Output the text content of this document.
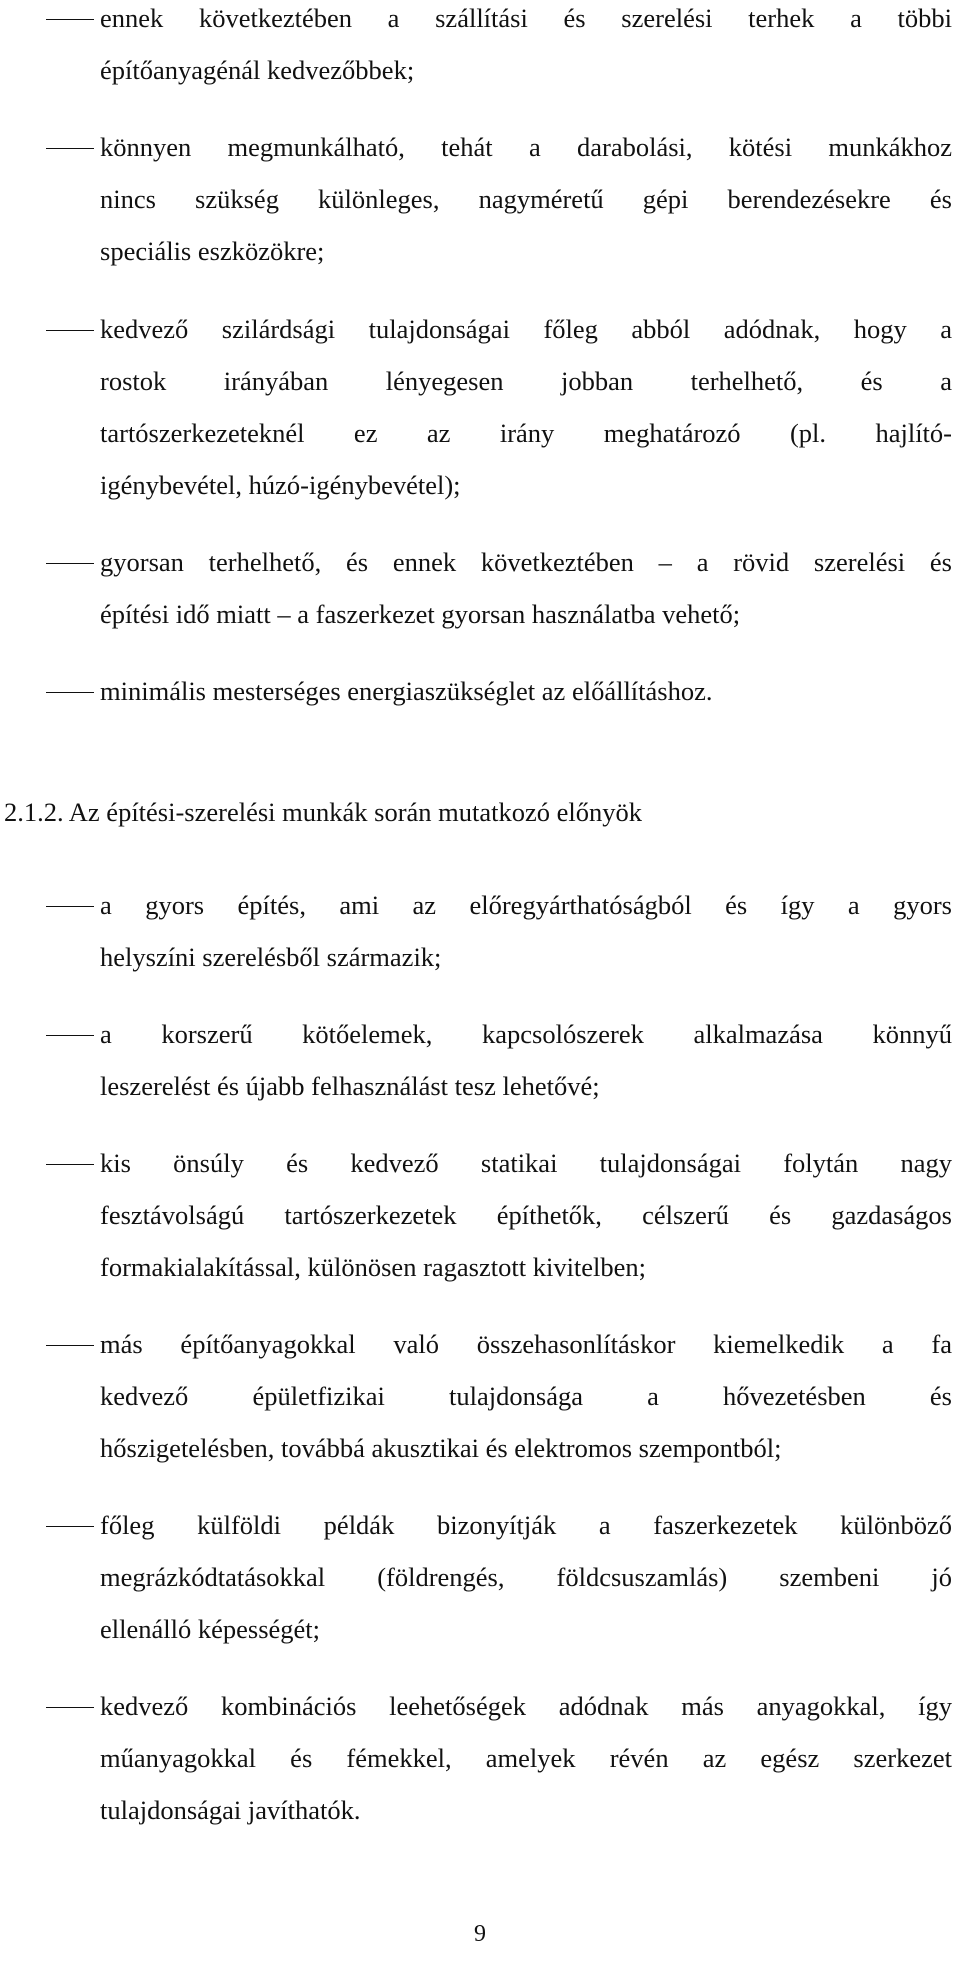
ennek következtében a szállítási és szerelési terhek a többi
építőanyagénál kedvezőbbek;
könnyen megmunkálható, tehát a darabolási, kötési munkákhoz
nincs szükség különleges, nagyméretű gépi berendezésekre és
speciális eszközökre;
kedvező szilárdsági tulajdonságai főleg abból adódnak, hogy a
rostok irányában lényegesen jobban terhelhető, és a
tartószerkezeteknél ez az irány meghatározó (pl. hajlító-
igénybevétel, húzó-igénybevétel);
gyorsan terhelhető, és ennek következtében – a rövid szerelési és
építési idő miatt – a faszerkezet gyorsan használatba vehető;
minimális mesterséges energiaszükséglet az előállításhoz.
2.1.2. Az építési-szerelési munkák során mutatkozó előnyök
a gyors építés, ami az előregyárthatóságból és így a gyors
helyszíni szerelésből származik;
a korszerű kötőelemek, kapcsolószerek alkalmazása könnyű
leszerelést és újabb felhasználást tesz lehetővé;
kis önsúly és kedvező statikai tulajdonságai folytán nagy
fesztávolságú tartószerkezetek építhetők, célszerű és gazdaságos
formakialakítással, különösen ragasztott kivitelben;
más építőanyagokkal való összehasonlításkor kiemelkedik a fa
kedvező épületfizikai tulajdonsága a hővezetésben és
hőszigetelésben, továbbá akusztikai és elektromos szempontból;
főleg külföldi példák bizonyítják a faszerkezetek különböző
megrázkódtatásokkal (földrengés, földcsuszamlás) szembeni jó
ellenálló képességét;
kedvező kombinációs leehetőségek adódnak más anyagokkal, így
műanyagokkal és fémekkel, amelyek révén az egész szerkezet
tulajdonságai javíthatók.
9
